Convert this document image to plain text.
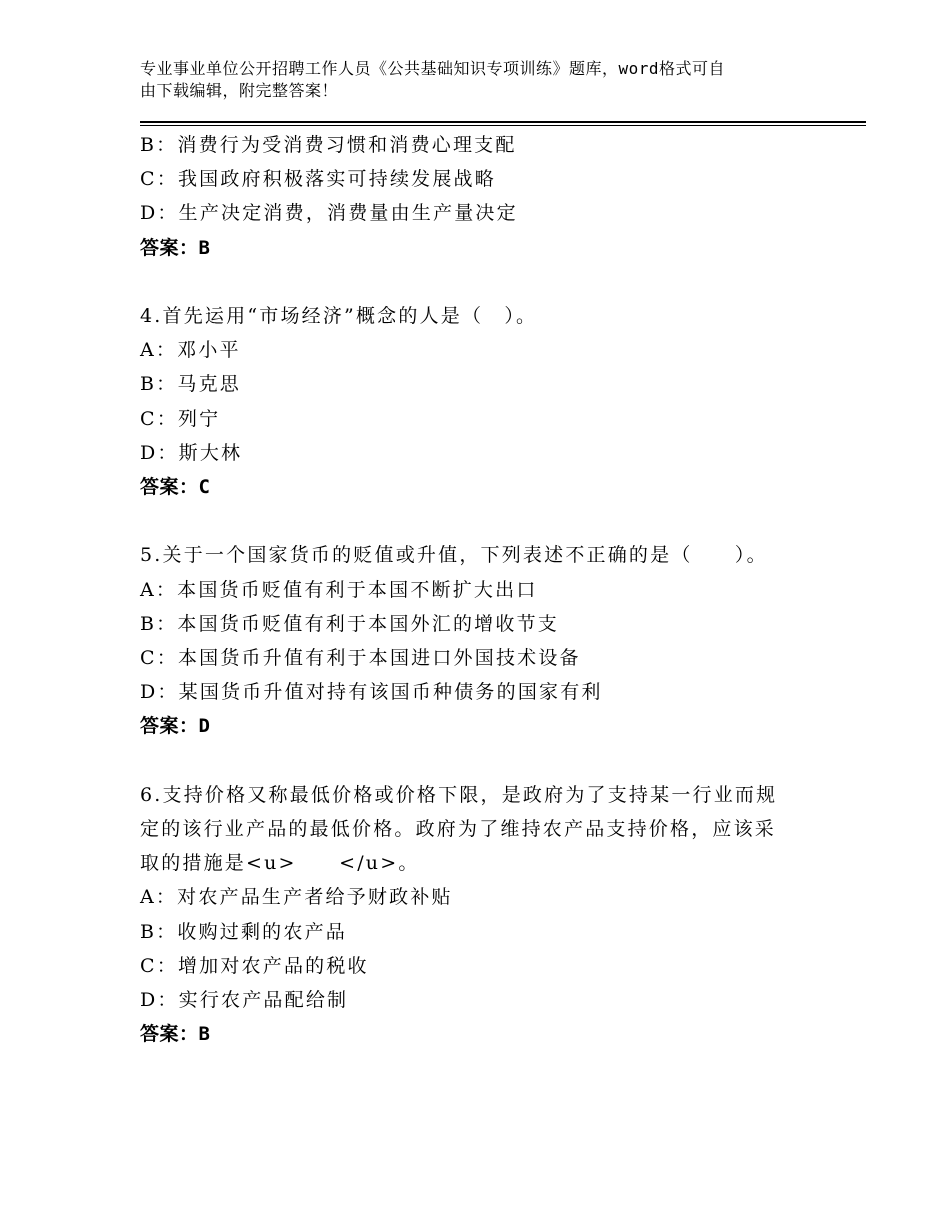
专业事业单位公开招聘工作人员《公共基础知识专项训练》题库，word格式可自
由下载编辑，附完整答案！
B：消费行为受消费习惯和消费心理支配
C：我国政府积极落实可持续发展战略
D：生产决定消费，消费量由生产量决定
答案：B
4.首先运用“市场经济”概念的人是（　）。
A：邓小平
B：马克思
C：列宁
D：斯大林
答案：C
5.关于一个国家货币的贬值或升值，下列表述不正确的是（　　）。
A：本国货币贬值有利于本国不断扩大出口
B：本国货币贬值有利于本国外汇的增收节支
C：本国货币升值有利于本国进口外国技术设备
D：某国货币升值对持有该国币种债务的国家有利
答案：D
6.支持价格又称最低价格或价格下限，是政府为了支持某一行业而规
定的该行业产品的最低价格。政府为了维持农产品支持价格，应该采
取的措施是<u>　　</u>。
A：对农产品生产者给予财政补贴
B：收购过剩的农产品
C：增加对农产品的税收
D：实行农产品配给制
答案：B
